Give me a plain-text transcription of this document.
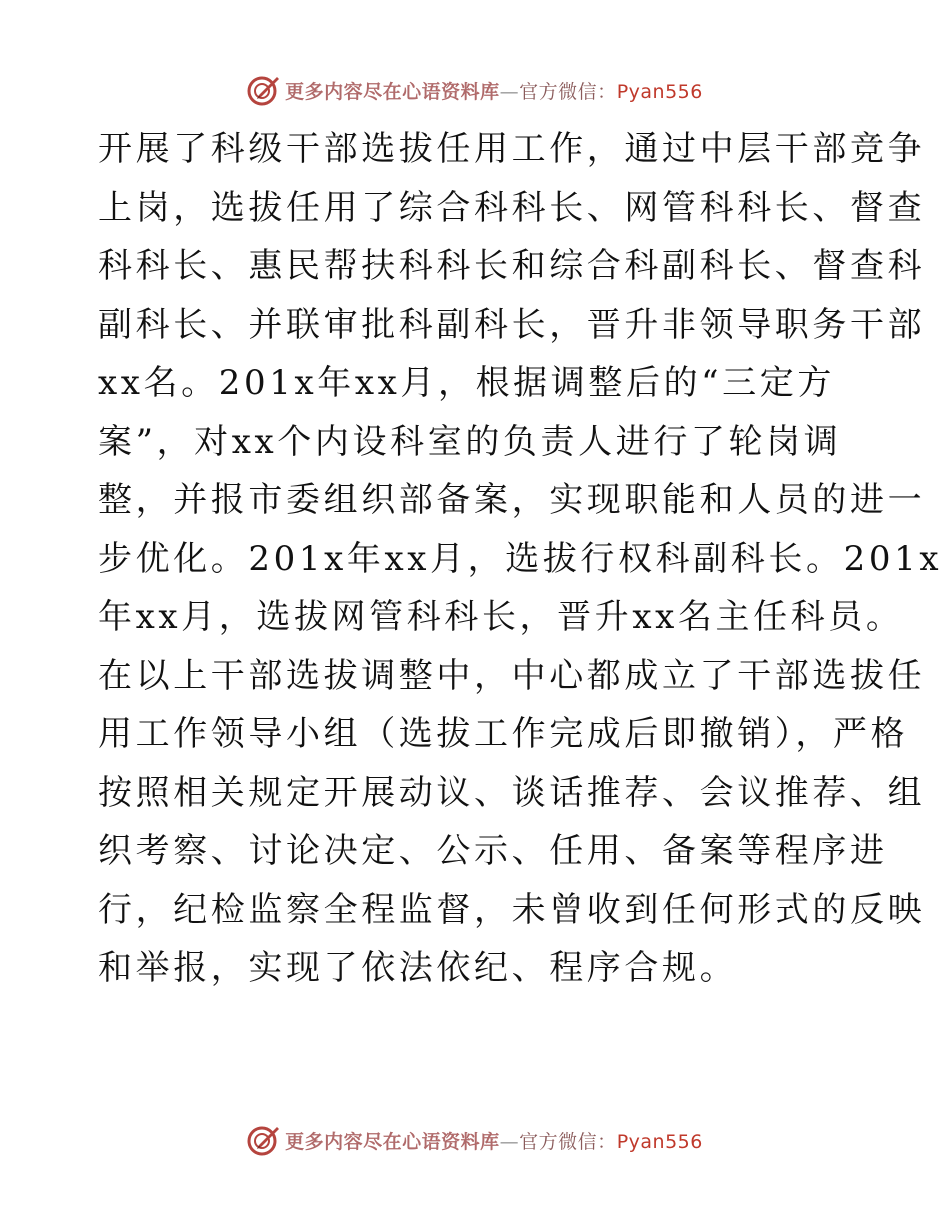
更多内容尽在心语资料库—官方微信：Pyan556
开展了科级干部选拔任用工作，通过中层干部竞争
上岗，选拔任用了综合科科长、网管科科长、督查
科科长、惠民帮扶科科长和综合科副科长、督查科
副科长、并联审批科副科长，晋升非领导职务干部
xx名。201x年xx月，根据调整后的“三定方
案”，对xx个内设科室的负责人进行了轮岗调
整，并报市委组织部备案，实现职能和人员的进一
步优化。201x年xx月，选拔行权科副科长。201x
年xx月，选拔网管科科长，晋升xx名主任科员。
在以上干部选拔调整中，中心都成立了干部选拔任
用工作领导小组（选拔工作完成后即撤销），严格
按照相关规定开展动议、谈话推荐、会议推荐、组
织考察、讨论决定、公示、任用、备案等程序进
行，纪检监察全程监督，未曾收到任何形式的反映
和举报，实现了依法依纪、程序合规。
更多内容尽在心语资料库—官方微信：Pyan556
